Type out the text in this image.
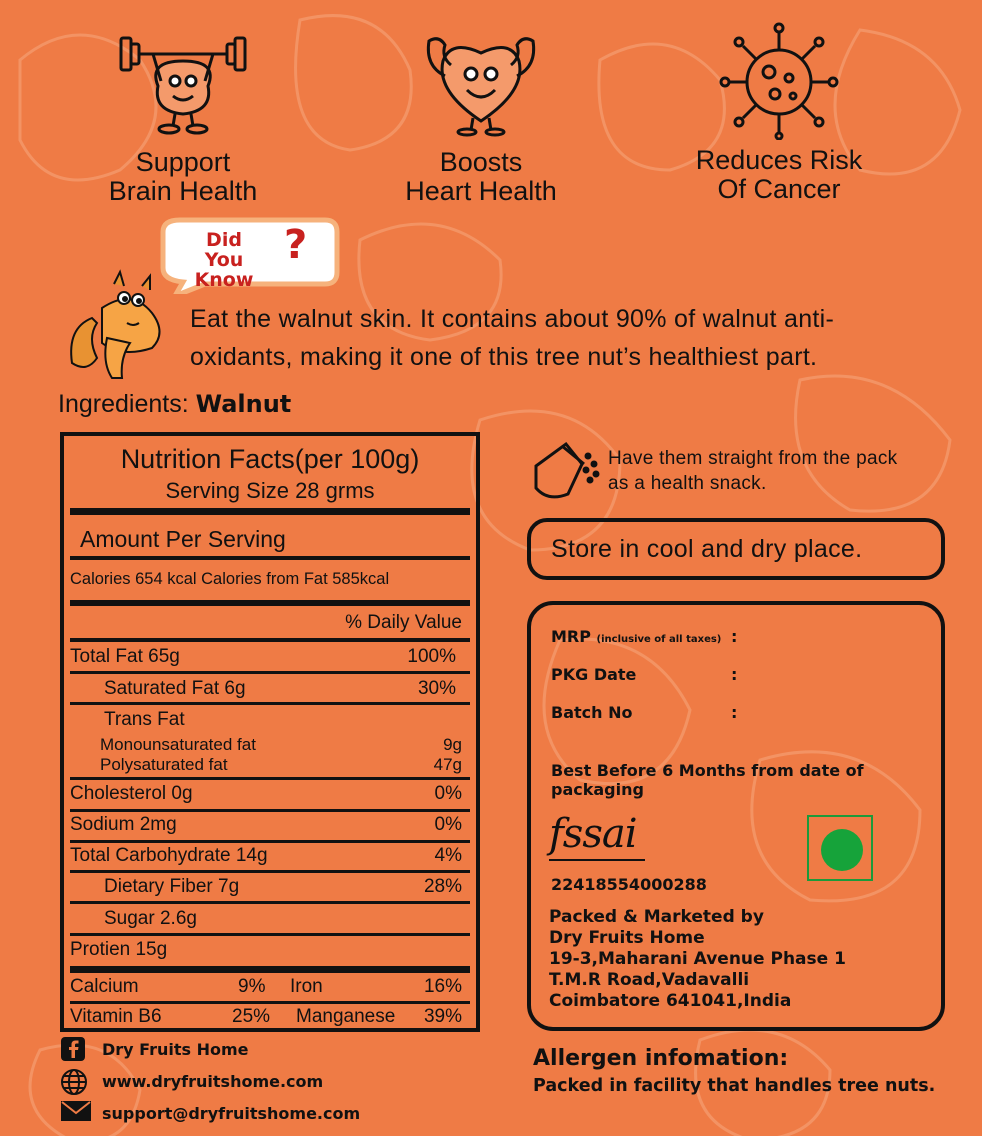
Support
Brain Health
Boosts
Heart Health
Reduces Risk
Of Cancer
Did You
Know
?
Eat the walnut skin. It contains about 90% of walnut anti-
oxidants, making it one of this tree nut’s healthiest part.
Ingredients: Walnut
Nutrition Facts(per 100g)
Serving Size 28 grms
Amount Per Serving
Calories 654 kcal Calories from Fat 585kcal
% Daily Value
Total Fat 65g	100%
Saturated Fat 6g	30%
Trans Fat
Monounsaturated fat	9g
Polysaturated fat	47g
Cholesterol 0g	0%
Sodium 2mg	0%
Total Carbohydrate 14g	4%
Dietary Fiber 7g	28%
Sugar 2.6g
Protien 15g
Calcium	9% Iron	16%
Vitamin B6	25% Manganese 39%
Have them straight from the pack
as a health snack.
Store in cool and dry place.
MRP (inclusive of all taxes) :
PKG Date	:
Batch No	:
Best Before 6 Months from date of
packaging
fssai
22418554000288
Packed & Marketed by
Dry Fruits Home
19-3,Maharani Avenue Phase 1
T.M.R Road,Vadavalli
Coimbatore 641041,India
Allergen infomation:
Packed in facility that handles tree nuts.
Dry Fruits Home
www.dryfruitshome.com
support@dryfruitshome.com
